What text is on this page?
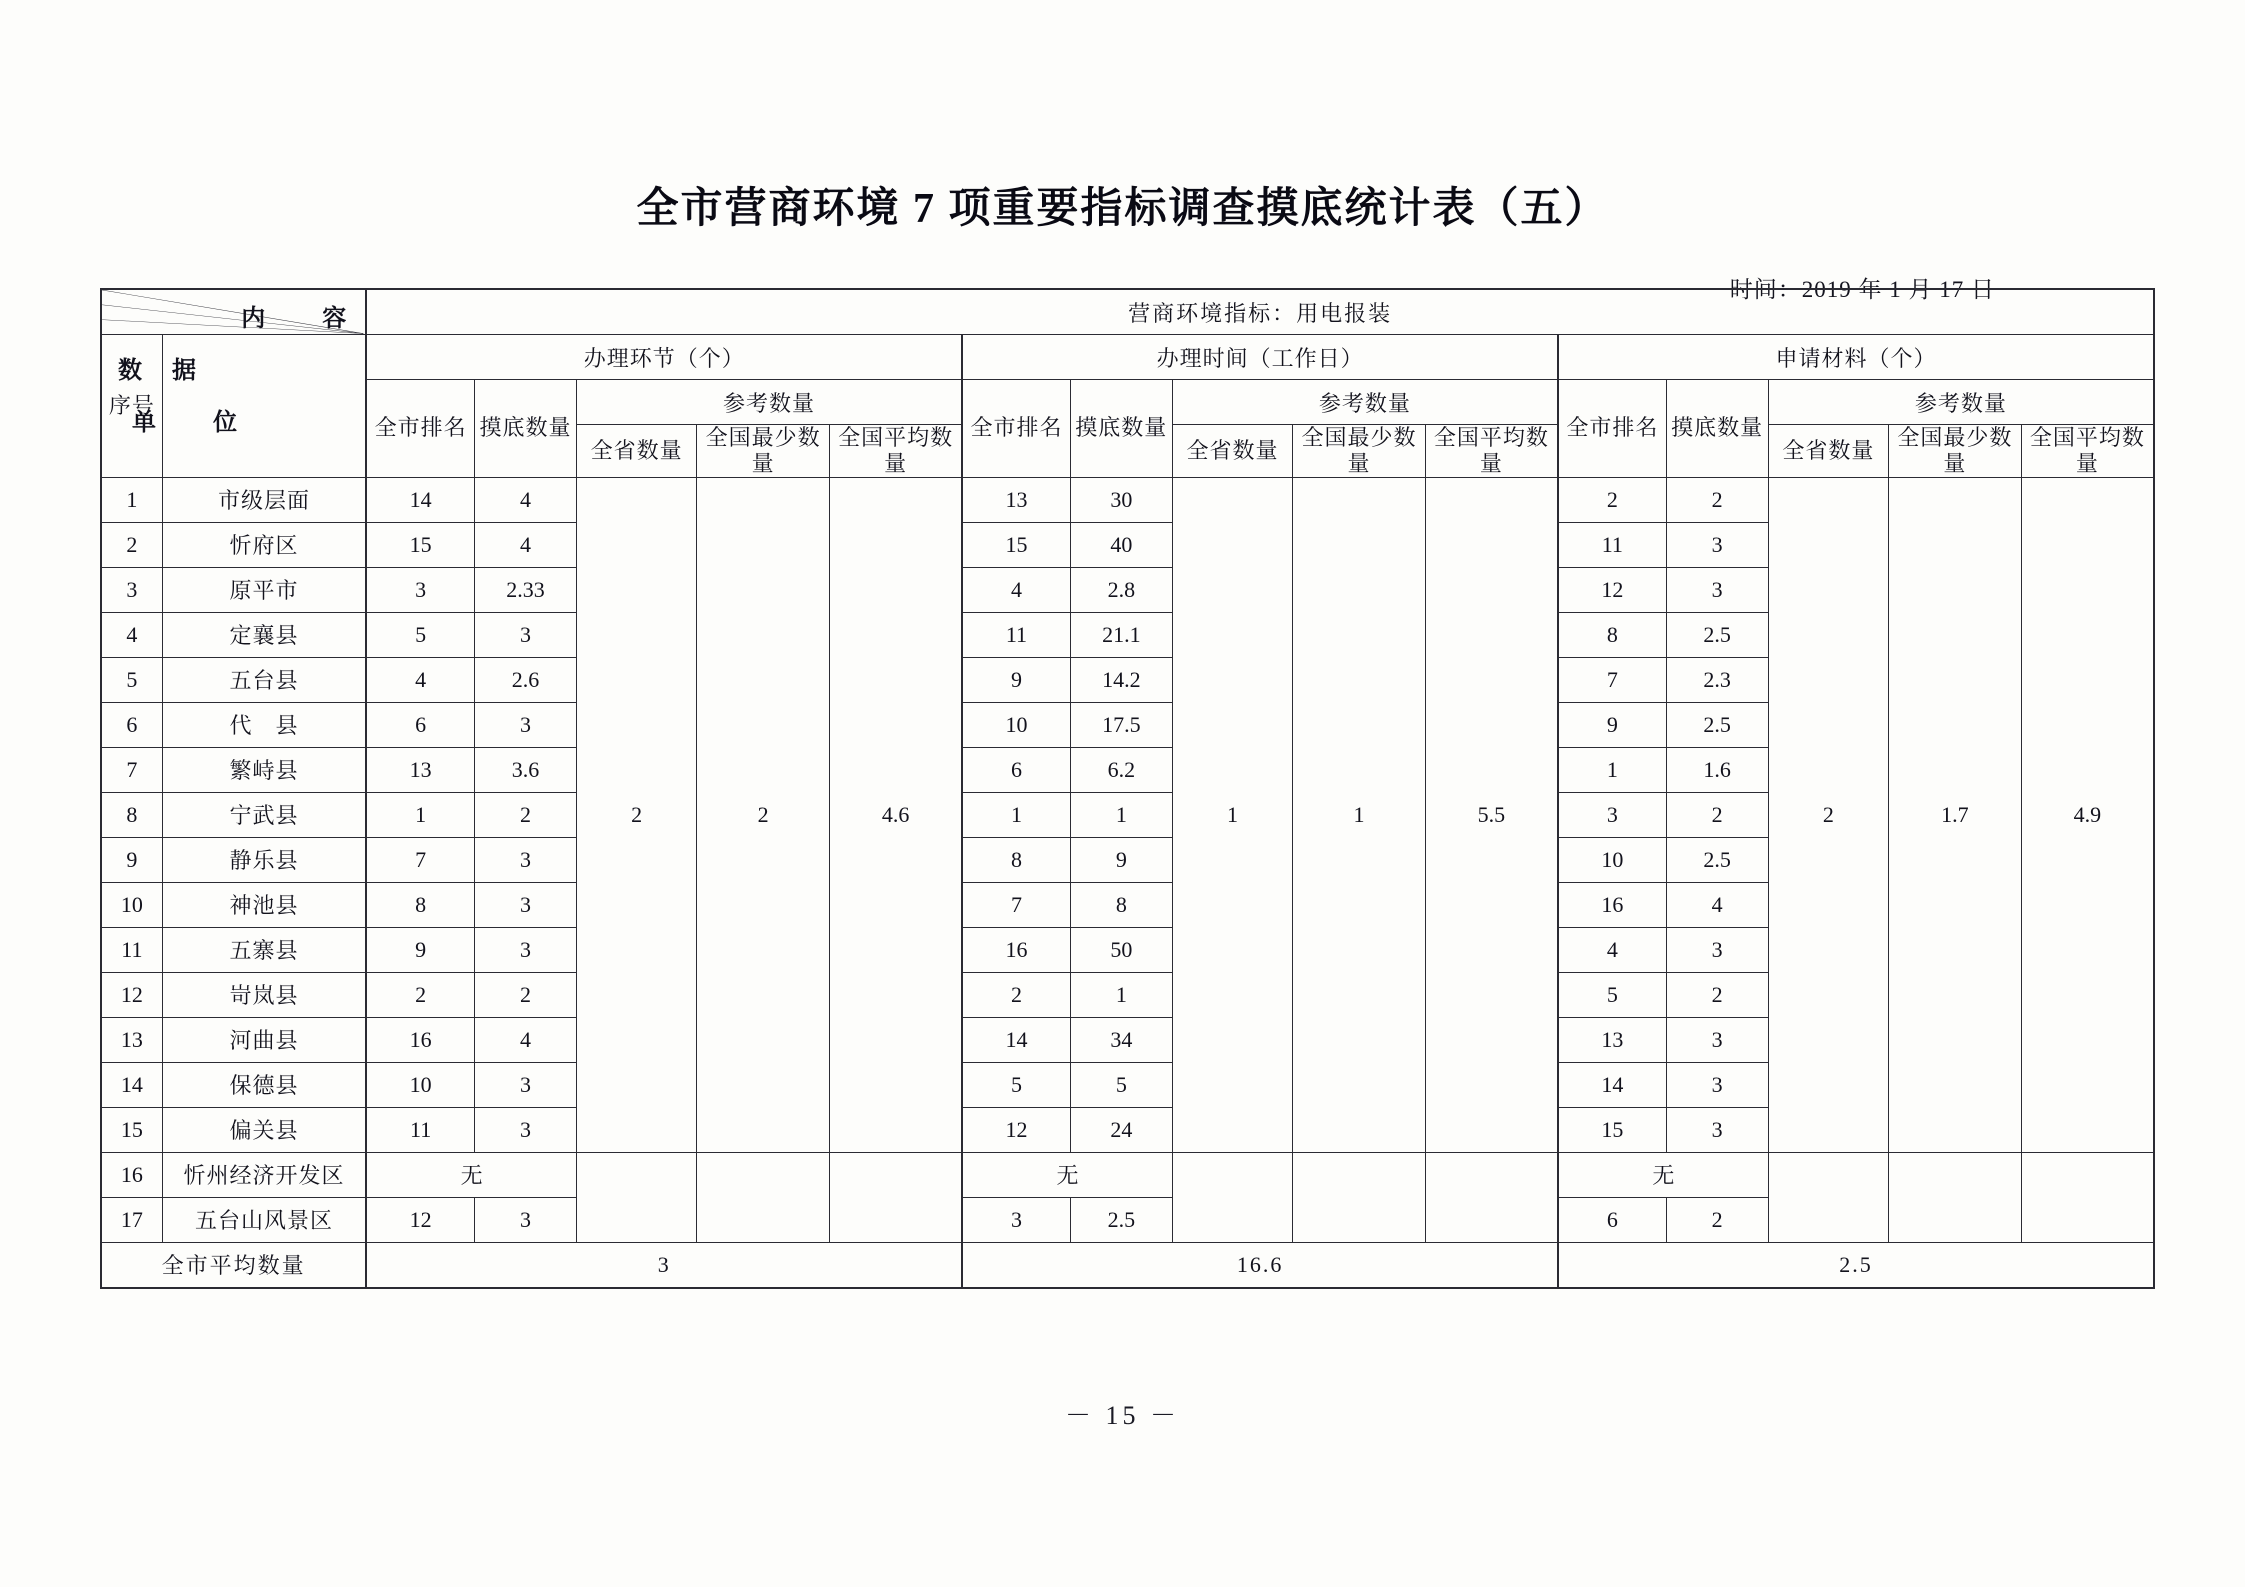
全市营商环境 7 项重要指标调查摸底统计表（五）
时间：2019 年 1 月 17 日
内　　容
数　据
单　　位		营商环境指标：用电报装														
序号		办理环节（个）					办理时间（工作日）					申请材料（个）				
		全市排名	摸底数量	参考数量			全市排名	摸底数量	参考数量			全市排名	摸底数量	参考数量		
				全省数量	全国最少数　量	全国平均数　量			全省数量	全国最少数　量	全国平均数　量			全省数量	全国最少数　量	全国平均数　量
1	市级层面	14	4	2	2	4.6	13	30	1	1	5.5	2	2	2	1.7	4.9
2	忻府区	15	4				15	40				11	3			
3	原平市	3	2.33				4	2.8				12	3			
4	定襄县	5	3				11	21.1				8	2.5			
5	五台县	4	2.6				9	14.2				7	2.3			
6	代　县	6	3				10	17.5				9	2.5			
7	繁峙县	13	3.6				6	6.2				1	1.6			
8	宁武县	1	2				1	1				3	2			
9	静乐县	7	3				8	9				10	2.5			
10	神池县	8	3				7	8				16	4			
11	五寨县	9	3				16	50				4	3			
12	岢岚县	2	2				2	1				5	2			
13	河曲县	16	4				14	34				13	3			
14	保德县	10	3				5	5				14	3			
15	偏关县	11	3				12	24				15	3			
16	忻州经济开发区	无					无					无				
17	五台山风景区	12	3				3	2.5				6	2			
全市平均数量		3					16.6					2.5				
－ 15 －
